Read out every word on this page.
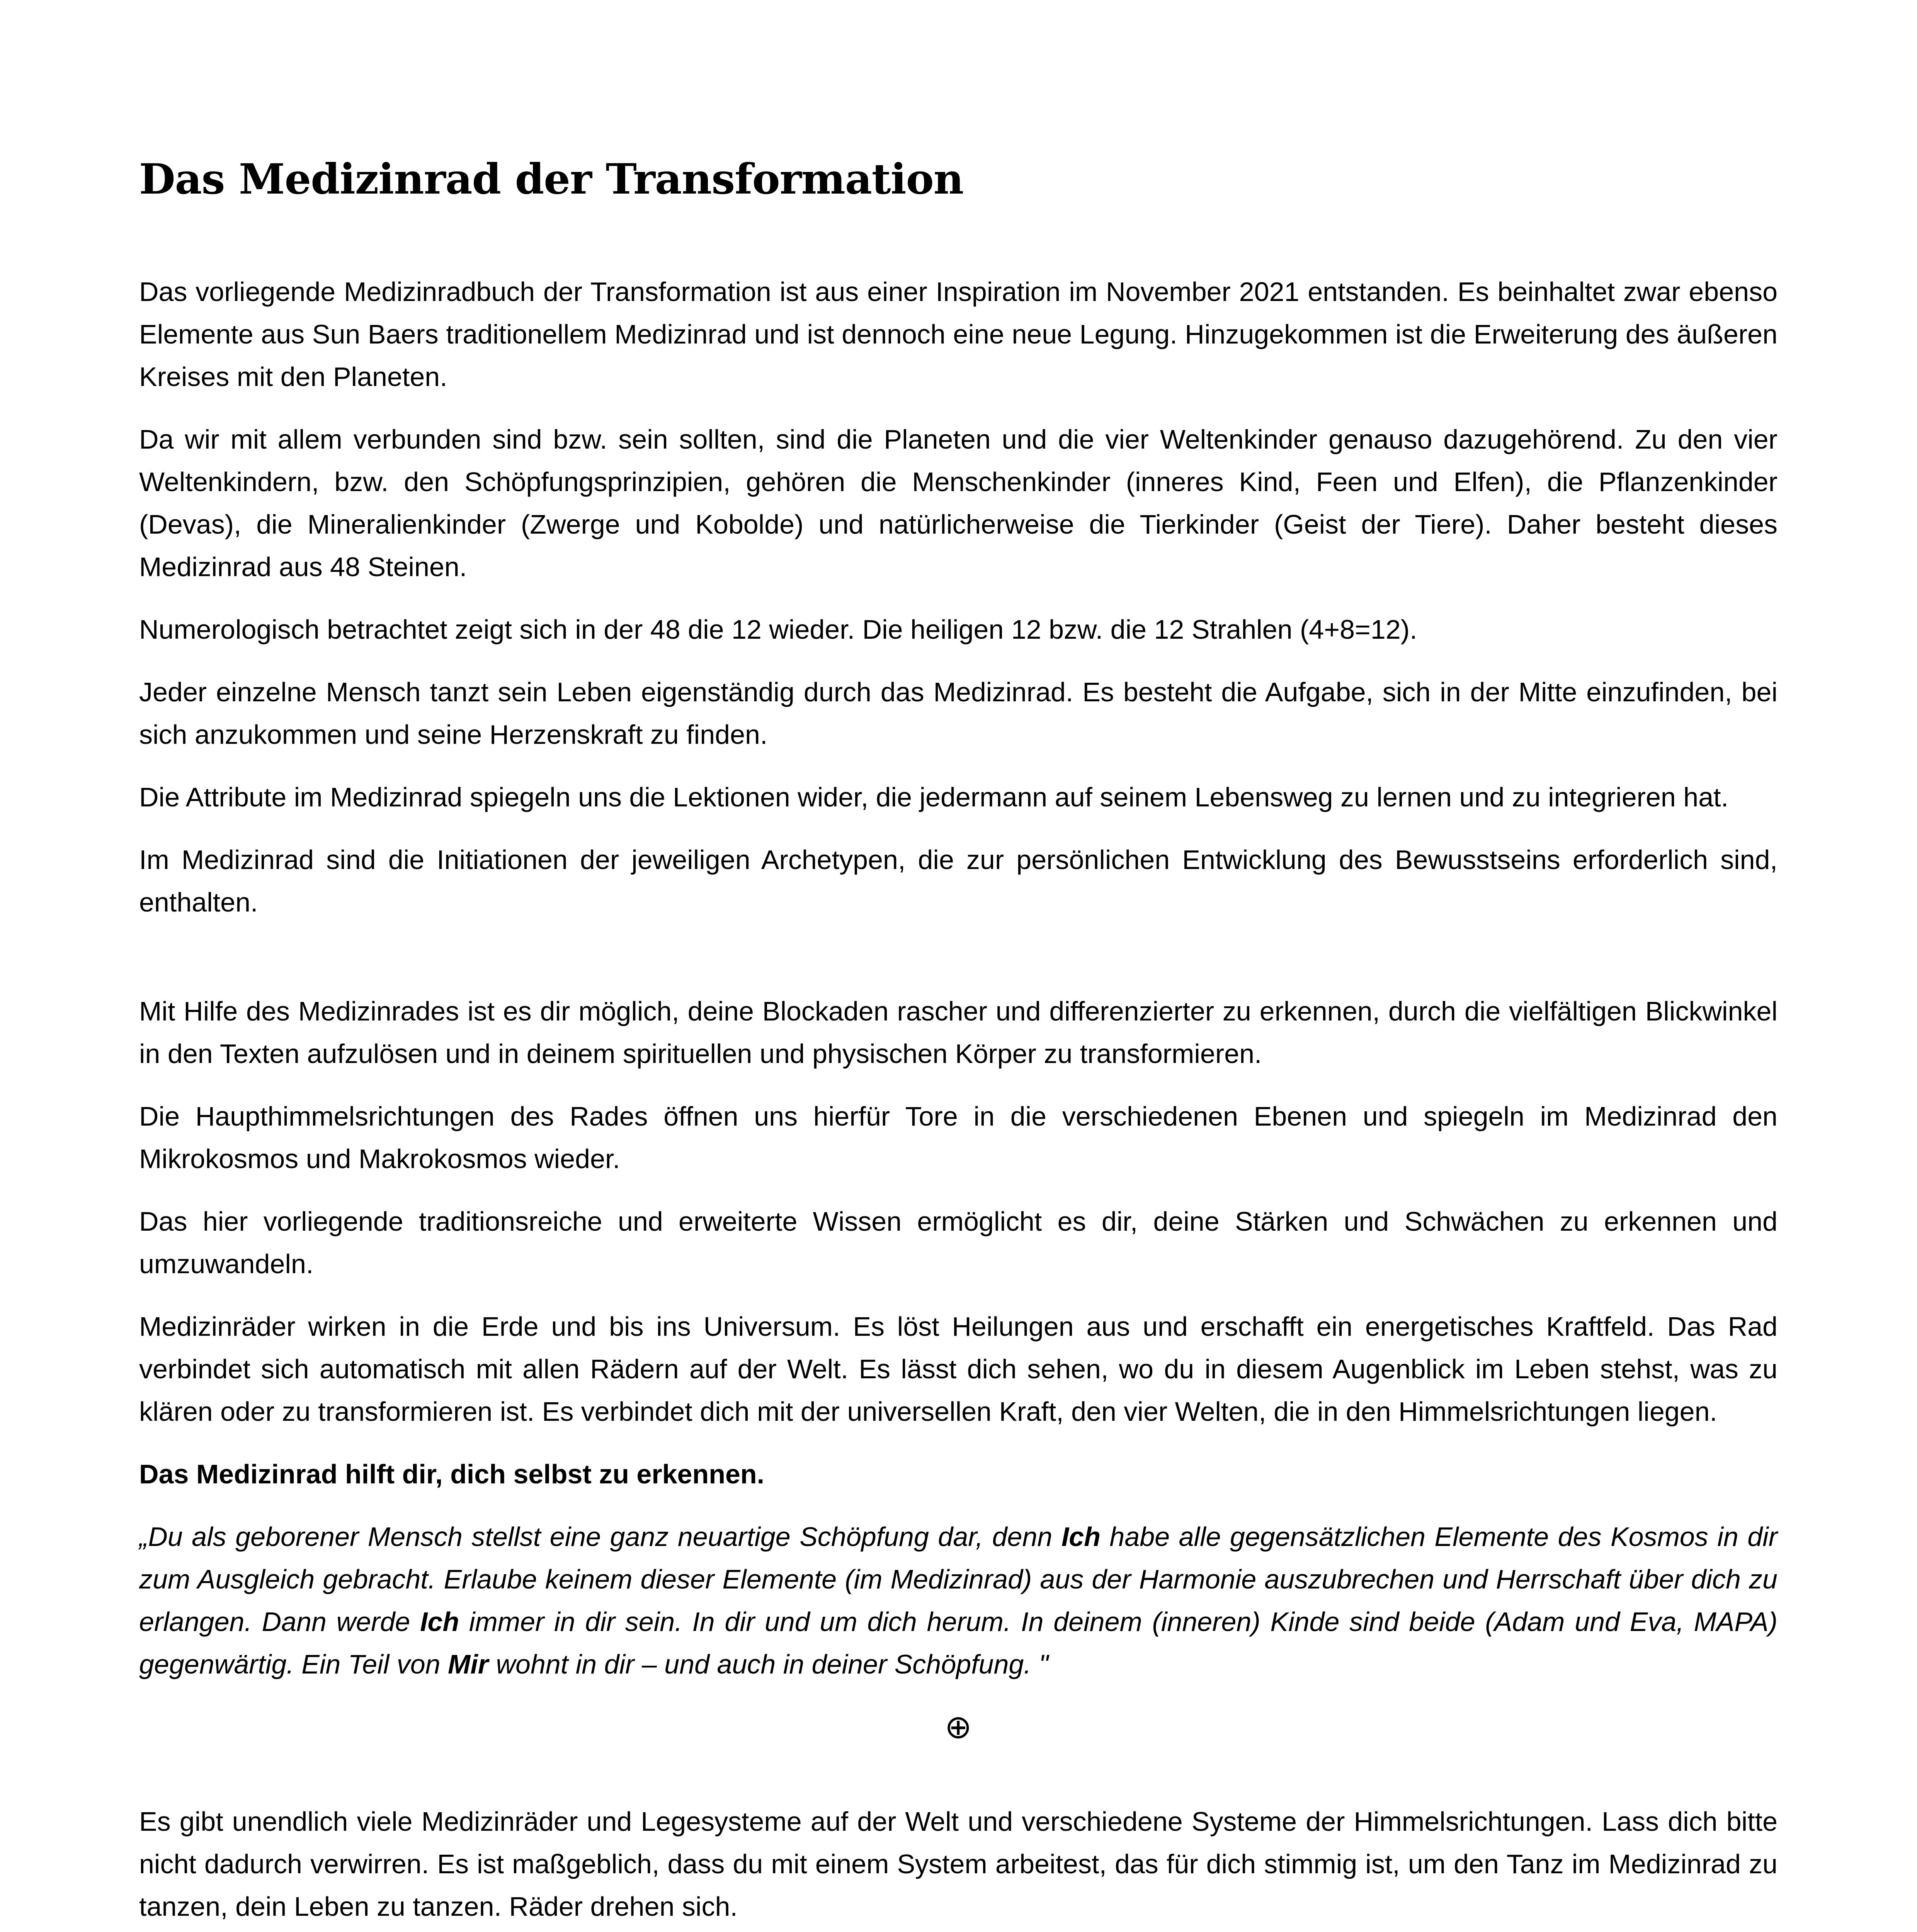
Das Medizinrad der Transformation

Das vorliegende Medizinradbuch der Transformation ist aus einer Inspiration im November 2021 entstanden. Es beinhaltet zwar ebenso Elemente aus Sun Baers traditionellem Medizinrad und ist dennoch eine neue Legung. Hinzugekommen ist die Erweiterung des äußeren Kreises mit den Planeten.

Da wir mit allem verbunden sind bzw. sein sollten, sind die Planeten und die vier Weltenkinder genauso dazugehörend. Zu den vier Weltenkindern, bzw. den Schöpfungsprinzipien, gehören die Menschenkinder (inneres Kind, Feen und Elfen), die Pflanzenkinder (Devas), die Mineralienkinder (Zwerge und Kobolde) und natürlicherweise die Tierkinder (Geist der Tiere). Daher besteht dieses Medizinrad aus 48 Steinen.

Numerologisch betrachtet zeigt sich in der 48 die 12 wieder. Die heiligen 12 bzw. die 12 Strahlen (4+8=12).

Jeder einzelne Mensch tanzt sein Leben eigenständig durch das Medizinrad. Es besteht die Aufgabe, sich in der Mitte einzufinden, bei sich anzukommen und seine Herzenskraft zu finden.

Die Attribute im Medizinrad spiegeln uns die Lektionen wider, die jedermann auf seinem Lebensweg zu lernen und zu integrieren hat.

Im Medizinrad sind die Initiationen der jeweiligen Archetypen, die zur persönlichen Entwicklung des Bewusstseins erforderlich sind, enthalten.

Mit Hilfe des Medizinrades ist es dir möglich, deine Blockaden rascher und differenzierter zu erkennen, durch die vielfältigen Blickwinkel in den Texten aufzulösen und in deinem spirituellen und physischen Körper zu transformieren.

Die Haupthimmelsrichtungen des Rades öffnen uns hierfür Tore in die verschiedenen Ebenen und spiegeln im Medizinrad den Mikrokosmos und Makrokosmos wieder.

Das hier vorliegende traditionsreiche und erweiterte Wissen ermöglicht es dir, deine Stärken und Schwächen zu erkennen und umzuwandeln.

Medizinräder wirken in die Erde und bis ins Universum. Es löst Heilungen aus und erschafft ein energetisches Kraftfeld. Das Rad verbindet sich automatisch mit allen Rädern auf der Welt. Es lässt dich sehen, wo du in diesem Augenblick im Leben stehst, was zu klären oder zu transformieren ist. Es verbindet dich mit der universellen Kraft, den vier Welten, die in den Himmelsrichtungen liegen.

Das Medizinrad hilft dir, dich selbst zu erkennen.

„Du als geborener Mensch stellst eine ganz neuartige Schöpfung dar, denn Ich habe alle gegensätzlichen Elemente des Kosmos in dir zum Ausgleich gebracht. Erlaube keinem dieser Elemente (im Medizinrad) aus der Harmonie auszubrechen und Herrschaft über dich zu erlangen. Dann werde Ich immer in dir sein. In dir und um dich herum. In deinem (inneren) Kinde sind beide (Adam und Eva, MAPA) gegenwärtig. Ein Teil von Mir wohnt in dir – und auch in deiner Schöpfung. "

⊕

Es gibt unendlich viele Medizinräder und Legesysteme auf der Welt und verschiedene Systeme der Himmelsrichtungen. Lass dich bitte nicht dadurch verwirren. Es ist maßgeblich, dass du mit einem System arbeitest, das für dich stimmig ist, um den Tanz im Medizinrad zu tanzen, dein Leben zu tanzen. Räder drehen sich.
